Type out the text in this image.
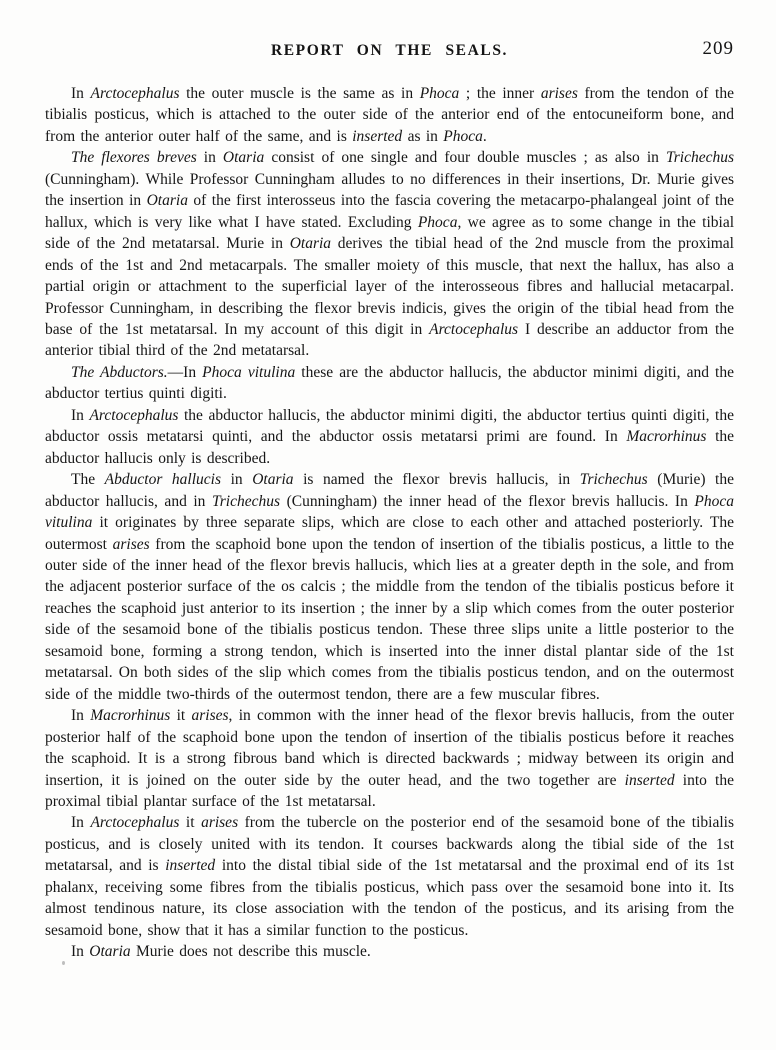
REPORT ON THE SEALS.	209

In Arctocephalus the outer muscle is the same as in Phoca ; the inner arises from the tendon of the tibialis posticus, which is attached to the outer side of the anterior end of the entocuneiform bone, and from the anterior outer half of the same, and is inserted as in Phoca.

The flexores breves in Otaria consist of one single and four double muscles ; as also in Trichechus (Cunningham). While Professor Cunningham alludes to no differences in their insertions, Dr. Murie gives the insertion in Otaria of the first interosseus into the fascia covering the metacarpo-phalangeal joint of the hallux, which is very like what I have stated. Excluding Phoca, we agree as to some change in the tibial side of the 2nd metatarsal. Murie in Otaria derives the tibial head of the 2nd muscle from the proximal ends of the 1st and 2nd metacarpals. The smaller moiety of this muscle, that next the hallux, has also a partial origin or attachment to the superficial layer of the interosseous fibres and hallucial metacarpal. Professor Cunningham, in describing the flexor brevis indicis, gives the origin of the tibial head from the base of the 1st metatarsal. In my account of this digit in Arctocephalus I describe an adductor from the anterior tibial third of the 2nd metatarsal.

The Abductors.—In Phoca vitulina these are the abductor hallucis, the abductor minimi digiti, and the abductor tertius quinti digiti.

In Arctocephalus the abductor hallucis, the abductor minimi digiti, the abductor tertius quinti digiti, the abductor ossis metatarsi quinti, and the abductor ossis metatarsi primi are found. In Macrorhinus the abductor hallucis only is described.

The Abductor hallucis in Otaria is named the flexor brevis hallucis, in Trichechus (Murie) the abductor hallucis, and in Trichechus (Cunningham) the inner head of the flexor brevis hallucis. In Phoca vitulina it originates by three separate slips, which are close to each other and attached posteriorly. The outermost arises from the scaphoid bone upon the tendon of insertion of the tibialis posticus, a little to the outer side of the inner head of the flexor brevis hallucis, which lies at a greater depth in the sole, and from the adjacent posterior surface of the os calcis ; the middle from the tendon of the tibialis posticus before it reaches the scaphoid just anterior to its insertion ; the inner by a slip which comes from the outer posterior side of the sesamoid bone of the tibialis posticus tendon. These three slips unite a little posterior to the sesamoid bone, forming a strong tendon, which is inserted into the inner distal plantar side of the 1st metatarsal. On both sides of the slip which comes from the tibialis posticus tendon, and on the outermost side of the middle two-thirds of the outermost tendon, there are a few muscular fibres.

In Macrorhinus it arises, in common with the inner head of the flexor brevis hallucis, from the outer posterior half of the scaphoid bone upon the tendon of insertion of the tibialis posticus before it reaches the scaphoid. It is a strong fibrous band which is directed backwards ; midway between its origin and insertion, it is joined on the outer side by the outer head, and the two together are inserted into the proximal tibial plantar surface of the 1st metatarsal.

In Arctocephalus it arises from the tubercle on the posterior end of the sesamoid bone of the tibialis posticus, and is closely united with its tendon. It courses backwards along the tibial side of the 1st metatarsal, and is inserted into the distal tibial side of the 1st metatarsal and the proximal end of its 1st phalanx, receiving some fibres from the tibialis posticus, which pass over the sesamoid bone into it. Its almost tendinous nature, its close association with the tendon of the posticus, and its arising from the sesamoid bone, show that it has a similar function to the posticus.

In Otaria Murie does not describe this muscle.
